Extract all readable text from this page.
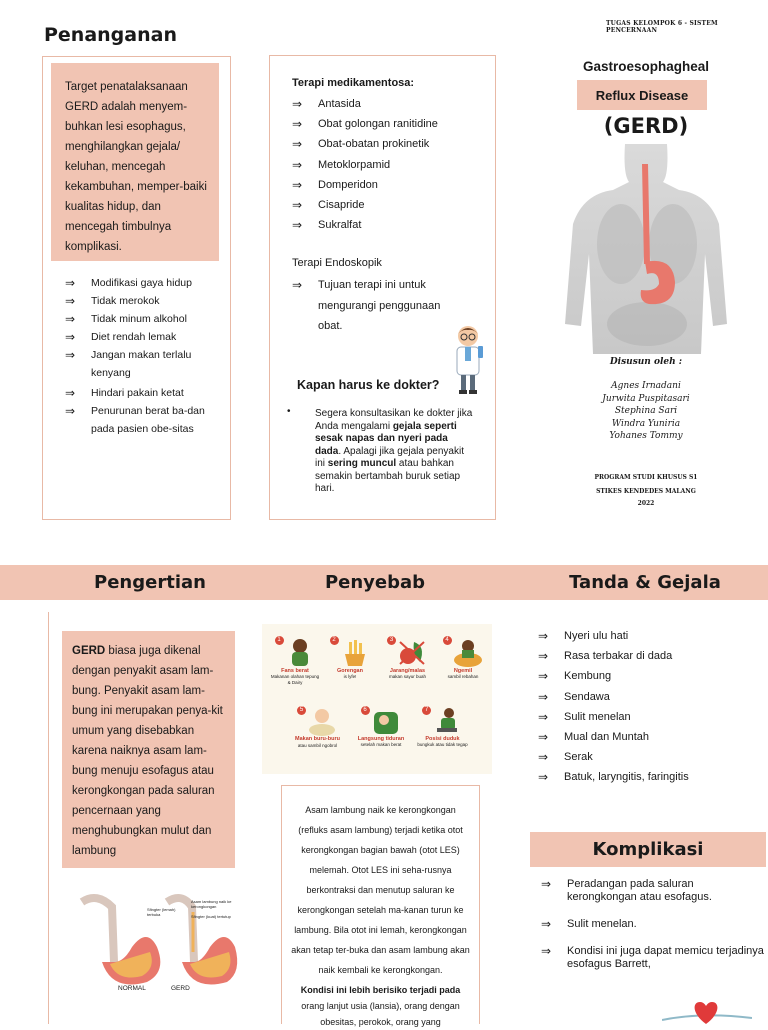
TUGAS KELOMPOK 6 - SISTEM PENCERNAAN
Penanganan
Target penatalaksanaan GERD adalah menyem-buhkan lesi esophagus, menghilangkan gejala/ keluhan, mencegah kekambuhan, memper-baiki kualitas hidup, dan mencegah timbulnya komplikasi.
⇒ Modifikasi gaya hidup
⇒ Tidak merokok
⇒ Tidak minum alkohol
⇒ Diet rendah lemak
⇒ Jangan makan terlalu kenyang
⇒ Hindari pakain ketat
⇒ Penurunan berat ba-dan pada pasien obe-sitas
Terapi medikamentosa:
⇒ Antasida
⇒ Obat golongan ranitidine
⇒ Obat-obatan prokinetik
⇒ Metoklorpamid
⇒ Domperidon
⇒ Cisapride
⇒ Sukralfat
Terapi Endoskopik
⇒ Tujuan terapi ini untuk mengurangi penggunaan obat.
Kapan harus ke dokter?
• Segera konsultasikan ke dokter jika Anda mengalami gejala seperti sesak napas dan nyeri pada dada. Apalagi jika gejala penyakit ini sering muncul atau bahkan semakin bertambah buruk setiap hari.
Gastroesophagheal
Reflux Disease
(GERD)
Disusun oleh :
Agnes Irnadani
Jurwita Puspitasari
Stephina Sari
Windra Yuniria
Yohanes Tommy
PROGRAM STUDI KHUSUS S1
STIKES KENDEDES MALANG
2022
Pengertian	Penyebab	Tanda & Gejala
GERD biasa juga dikenal dengan penyakit asam lam-bung. Penyakit asam lam-bung ini merupakan penya-kit umum yang disebabkan karena naiknya asam lam-bung menuju esofagus atau kerongkongan pada saluran pencernaan yang menghubungkan mulut dan lambung
Sfingter (lemah) terbuka
Asam lambung naik ke kerongkongan
Sfingter (kuat) tertutup
NORMAL	GERD
1
Fans berat
Makanan olahan tepung & Dairy
2
Gorengan
is lyfe!
3
Jarang/malas
makan sayur buah
4
Ngemil
sambil rebahan
5
Makan buru-buru
atau sambil ngobrol
6
Langsung tiduran
setelah makan berat
7
Posisi duduk
bungkuk atau tidak tegap
Asam lambung naik ke kerongkongan (refluks asam lambung) terjadi ketika otot kerongkongan bagian bawah (otot LES) melemah. Otot LES ini seha-rusnya berkontraksi dan menutup saluran ke kerongkongan setelah ma-kanan turun ke lambung. Bila otot ini lemah, kerongkongan akan tetap ter-buka dan asam lambung akan naik kembali ke kerongkongan.
Kondisi ini lebih berisiko terjadi pada orang lanjut usia (lansia), orang dengan obesitas, perokok, orang yang
⇒ Nyeri ulu hati
⇒ Rasa terbakar di dada
⇒ Kembung
⇒ Sendawa
⇒ Sulit menelan
⇒ Mual dan Muntah
⇒ Serak
⇒ Batuk, laryngitis, faringitis
Komplikasi
⇒ Peradangan pada saluran kerongkongan atau esofagus.
⇒ Sulit menelan.
⇒ Kondisi ini juga dapat memicu terjadinya esofagus Barrett,
